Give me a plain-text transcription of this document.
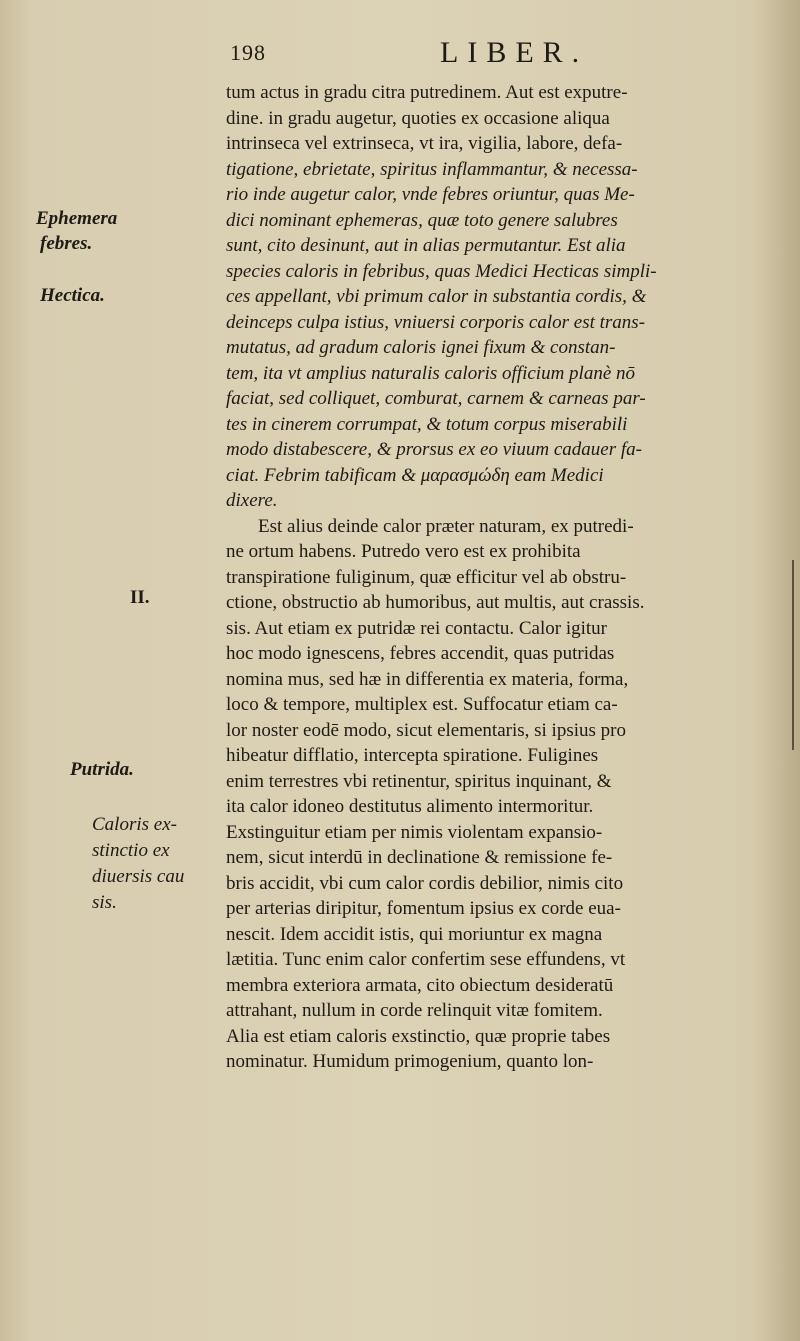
198	LIBER.
Ephemera
febres.
Hectica.
II.
Putrida.
Caloris ex-
stinctio ex
diuersis cau
sis.
tum actus in gradu citra putredinem. Aut est exputre-
dine. in gradu augetur, quoties ex occasione aliqua
intrinseca vel extrinseca, vt ira, vigilia, labore, defa-
tigatione, ebrietate, spiritus inflammantur, & necessa-
rio inde augetur calor, vnde febres oriuntur, quas Me-
dici nominant ephemeras, quæ toto genere salubres
sunt, cito desinunt, aut in alias permutantur. Est alia
species caloris in febribus, quas Medici Hecticas simpli-
ces appellant, vbi primum calor in substantia cordis, &
deinceps culpa istius, vniuersi corporis calor est trans-
mutatus, ad gradum caloris ignei fixum & constan-
tem, ita vt amplius naturalis caloris officium planè nō
faciat, sed colliquet, comburat, carnem & carneas par-
tes in cinerem corrumpat, & totum corpus miserabili
modo distabescere, & prorsus ex eo viuum cadauer fa-
ciat. Febrim tabificam & μαρασμώδη eam Medici
dixere.
Est alius deinde calor præter naturam, ex putredi-
ne ortum habens. Putredo vero est ex prohibita
transpiratione fuliginum, quæ efficitur vel ab obstru-
ctione, obstructio ab humoribus, aut multis, aut crassis.
sis. Aut etiam ex putridæ rei contactu. Calor igitur
hoc modo ignescens, febres accendit, quas putridas
nomina mus, sed hæ in differentia ex materia, forma,
loco & tempore, multiplex est. Suffocatur etiam ca-
lor noster eodē modo, sicut elementaris, si ipsius pro
hibeatur difflatio, intercepta spiratione. Fuligines
enim terrestres vbi retinentur, spiritus inquinant, &
ita calor idoneo destitutus alimento intermoritur.
Exstinguitur etiam per nimis violentam expansio-
nem, sicut interdū in declinatione & remissione fe-
bris accidit, vbi cum calor cordis debilior, nimis cito
per arterias diripitur, fomentum ipsius ex corde eua-
nescit. Idem accidit istis, qui moriuntur ex magna
lætitia. Tunc enim calor confertim sese effundens, vt
membra exteriora armata, cito obiectum desideratū
attrahant, nullum in corde relinquit vitæ fomitem.
Alia est etiam caloris exstinctio, quæ proprie tabes
nominatur. Humidum primogenium, quanto lon-
